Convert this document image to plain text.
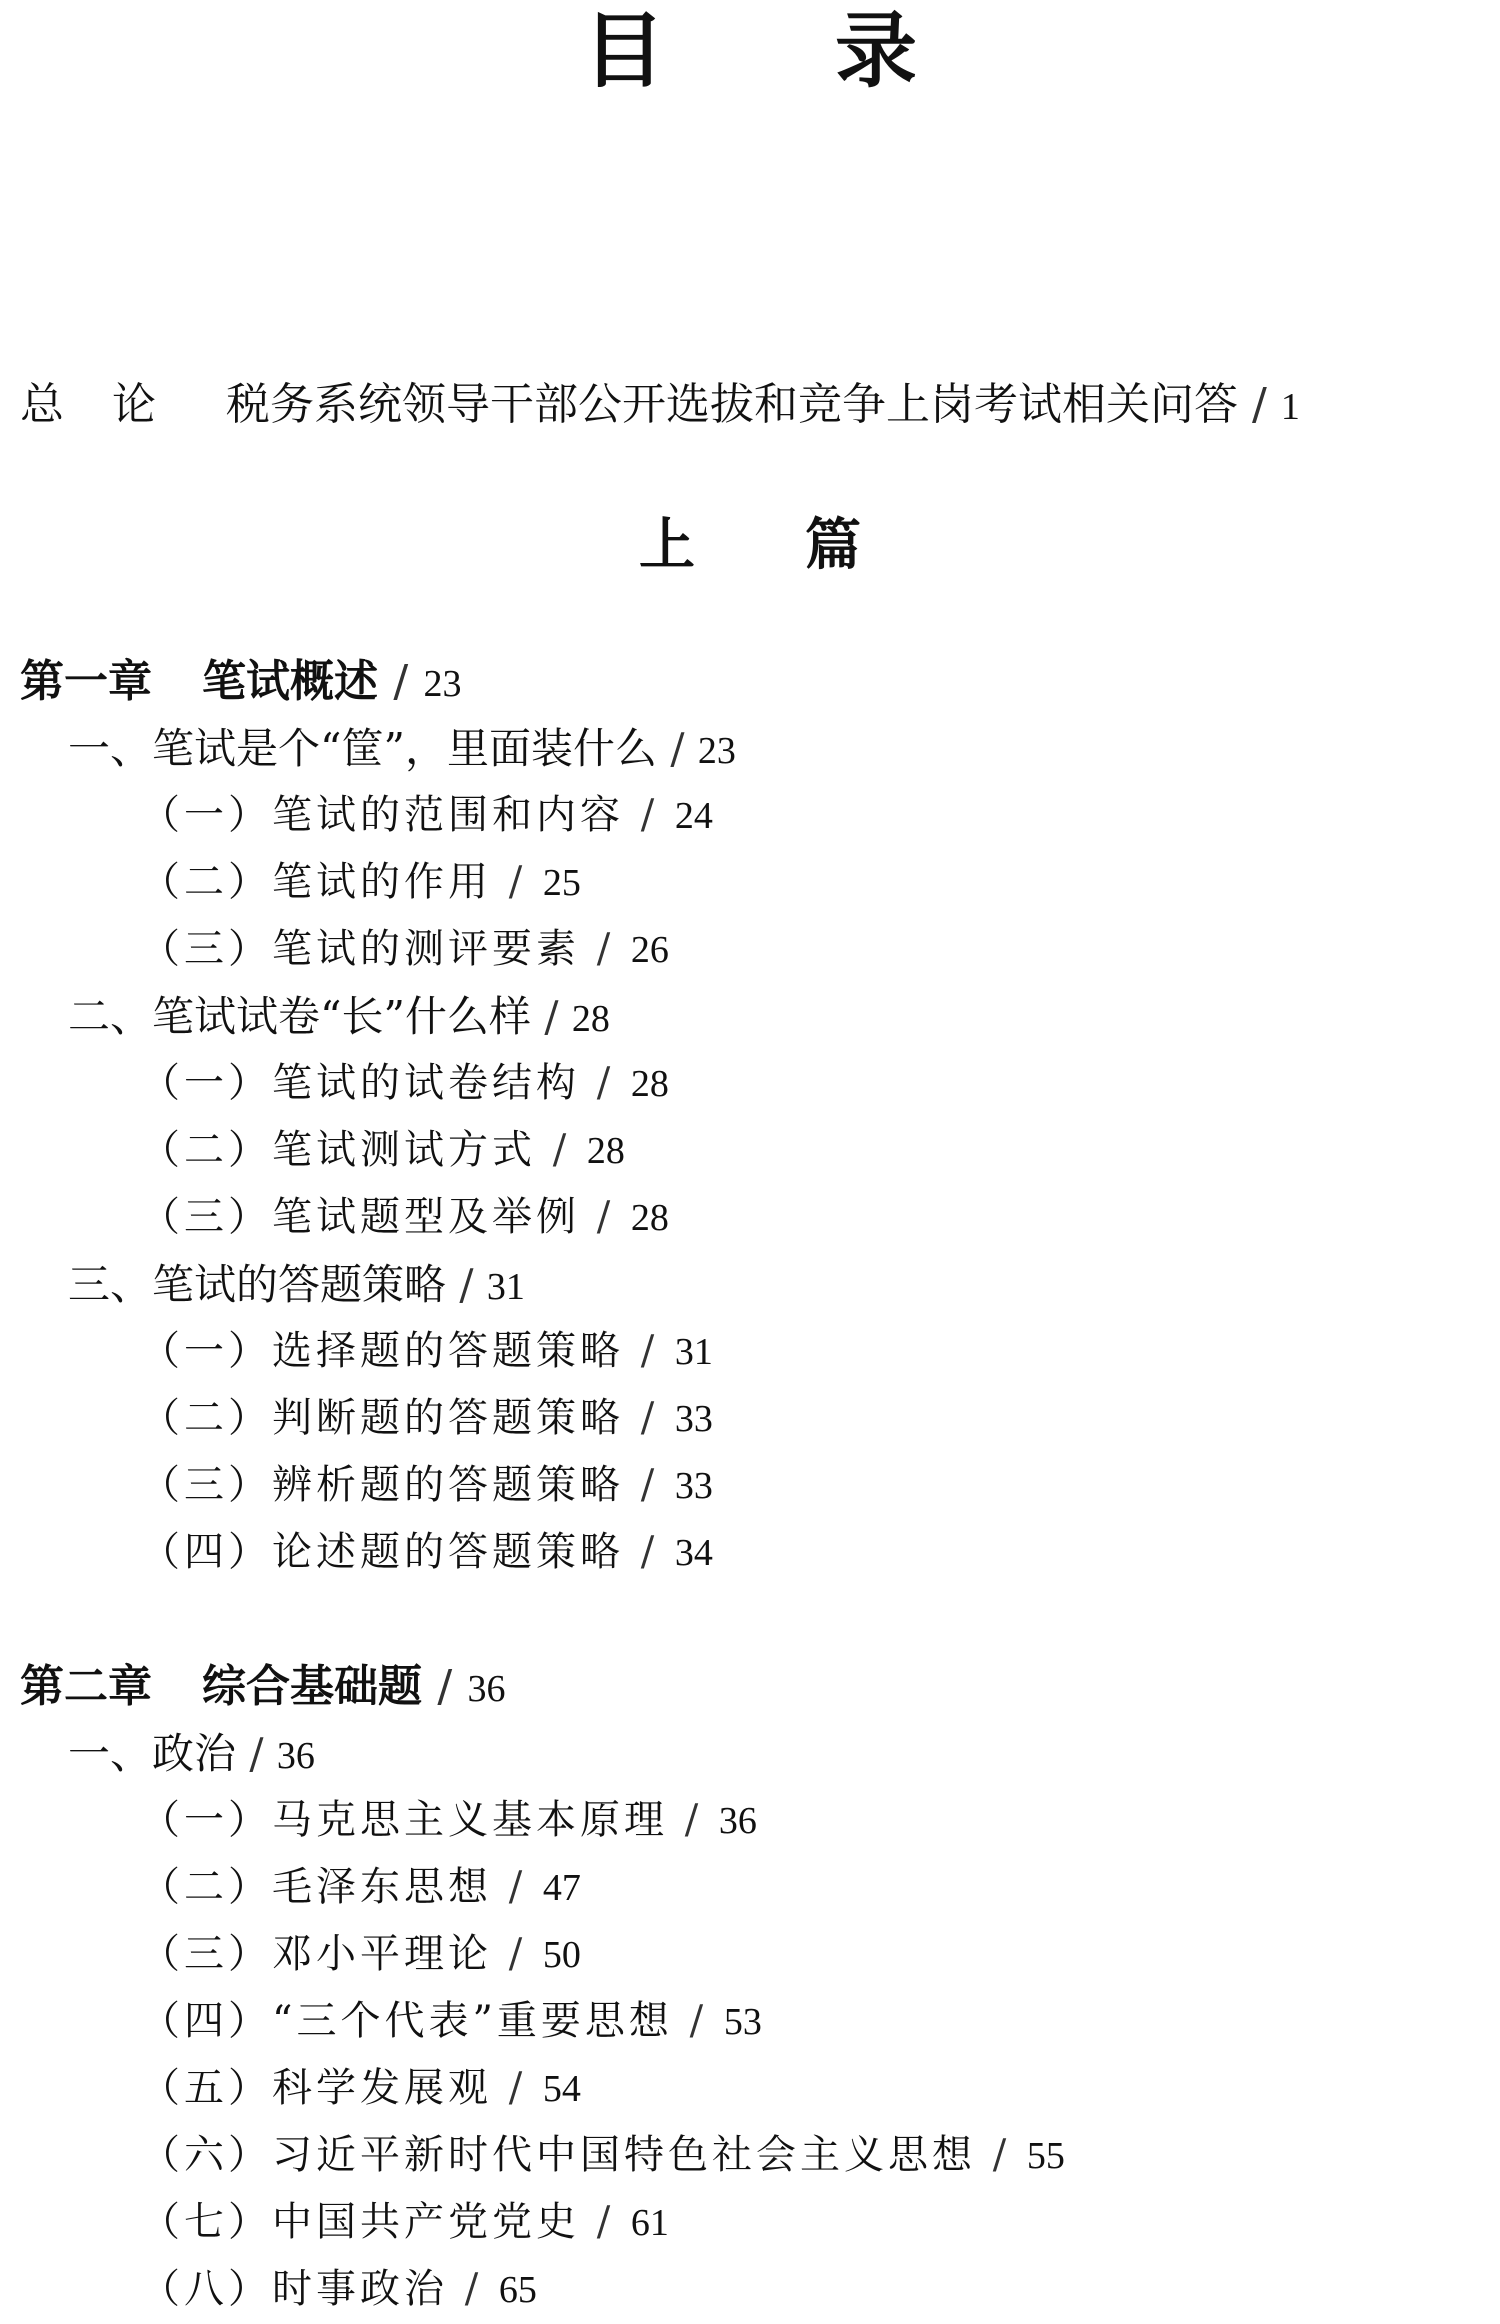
目录
总论 税务系统领导干部公开选拔和竞争上岗考试相关问答 / 1
上篇
第一章 笔试概述 / 23
一、笔试是个“筐”，里面装什么 / 23
（一）笔试的范围和内容 / 24
（二）笔试的作用 / 25
（三）笔试的测评要素 / 26
二、笔试试卷“长”什么样 / 28
（一）笔试的试卷结构 / 28
（二）笔试测试方式 / 28
（三）笔试题型及举例 / 28
三、笔试的答题策略 / 31
（一）选择题的答题策略 / 31
（二）判断题的答题策略 / 33
（三）辨析题的答题策略 / 33
（四）论述题的答题策略 / 34
第二章 综合基础题 / 36
一、政治 / 36
（一）马克思主义基本原理 / 36
（二）毛泽东思想 / 47
（三）邓小平理论 / 50
（四）“三个代表”重要思想 / 53
（五）科学发展观 / 54
（六）习近平新时代中国特色社会主义思想 / 55
（七）中国共产党党史 / 61
（八）时事政治 / 65
